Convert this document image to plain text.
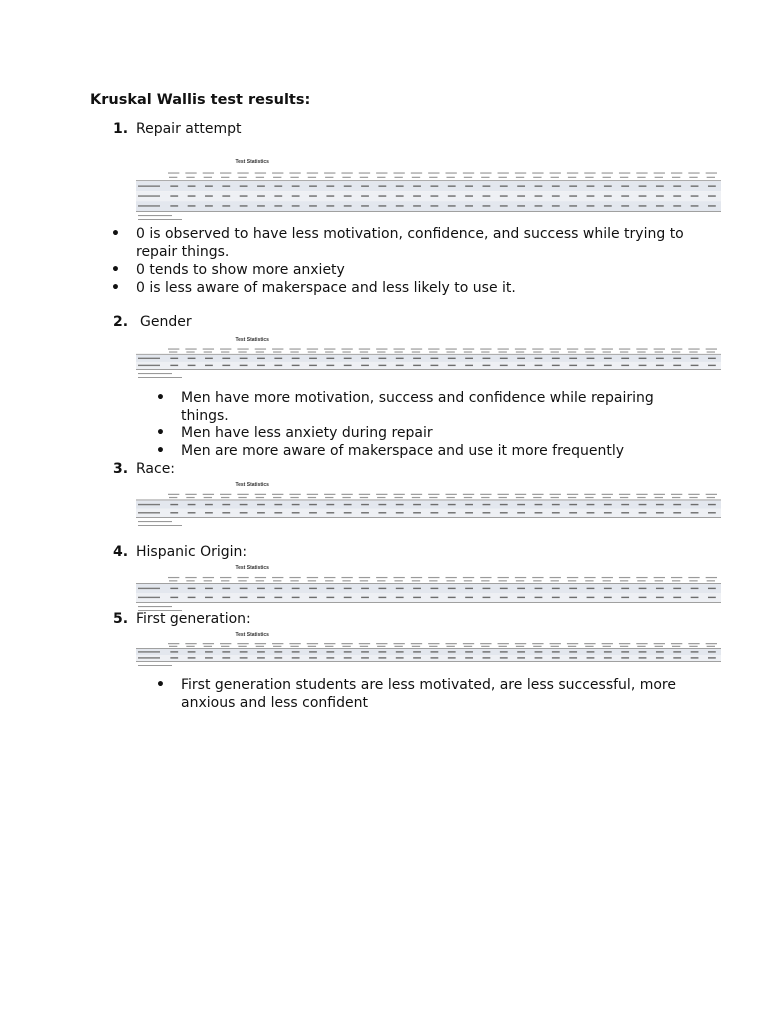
Kruskal Wallis test results:
1. Repair attempt
Test Statistics
• 0 is observed to have less motivation, confidence, and success while trying to repair things.
• 0 tends to show more anxiety
• 0 is less aware of makerspace and less likely to use it.
2. Gender
Test Statistics
• Men have more motivation, success and confidence while repairing things.
• Men have less anxiety during repair
• Men are more aware of makerspace and use it more frequently
3. Race:
Test Statistics
4. Hispanic Origin:
Test Statistics
5. First generation:
Test Statistics
• First generation students are less motivated, are less successful, more anxious and less confident
